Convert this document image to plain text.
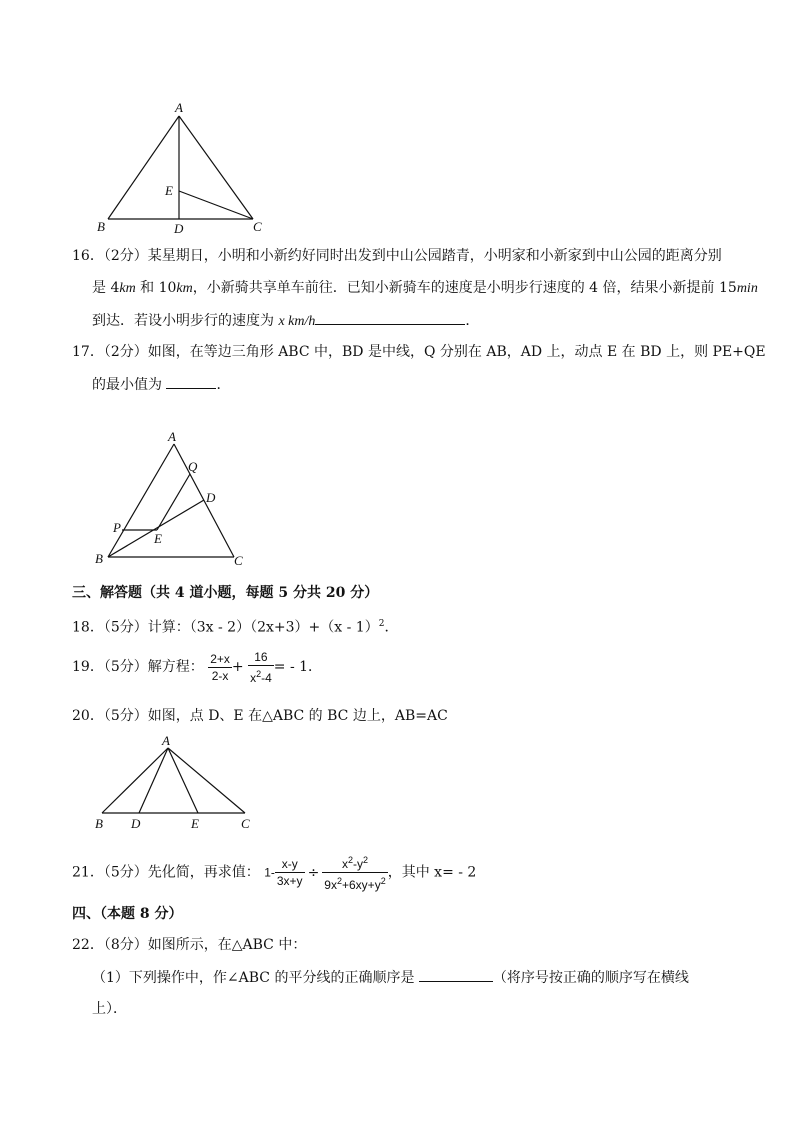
A
B	C
D
E
16．（2分）某星期日，小明和小新约好同时出发到中山公园踏青，小明家和小新家到中山公园的距离分别
是 4km 和 10km，小新骑共享单车前往．已知小新骑车的速度是小明步行速度的 4 倍，结果小新提前 15min
到达．若设小明步行的速度为 x km/h	．
17．（2分）如图，在等边三角形 ABC 中，BD 是中线，Q 分别在 AB，AD 上，动点 E 在 BD 上，则 PE+QE
的最小值为	．
A
B	C
D
E
P
Q
三、解答题（共 4 道小题，每题 5 分共 20 分）
18．（5分）计算：（3x - 2）（2x+3）+（x - 1）$^2$．
19．（5分）解方程： $\frac{2+x}{2-x} + \frac{16}{x^2-4}$ = - 1．
20．（5分）如图，点 D、E 在△ABC 的 BC 边上，AB=AC
A
B	C
D	E
21．（5分）先化简，再求值： $1- \frac{x-y}{3x+y} \div \frac{x^2-y^2}{9x^2+6xy+y^2}$ ，其中 x= - 2
四、（本题 8 分）
22．（8分）如图所示，在△ABC 中：
（1）下列操作中，作∠ABC 的平分线的正确顺序是	（将序号按正确的顺序写在横线
上）．
